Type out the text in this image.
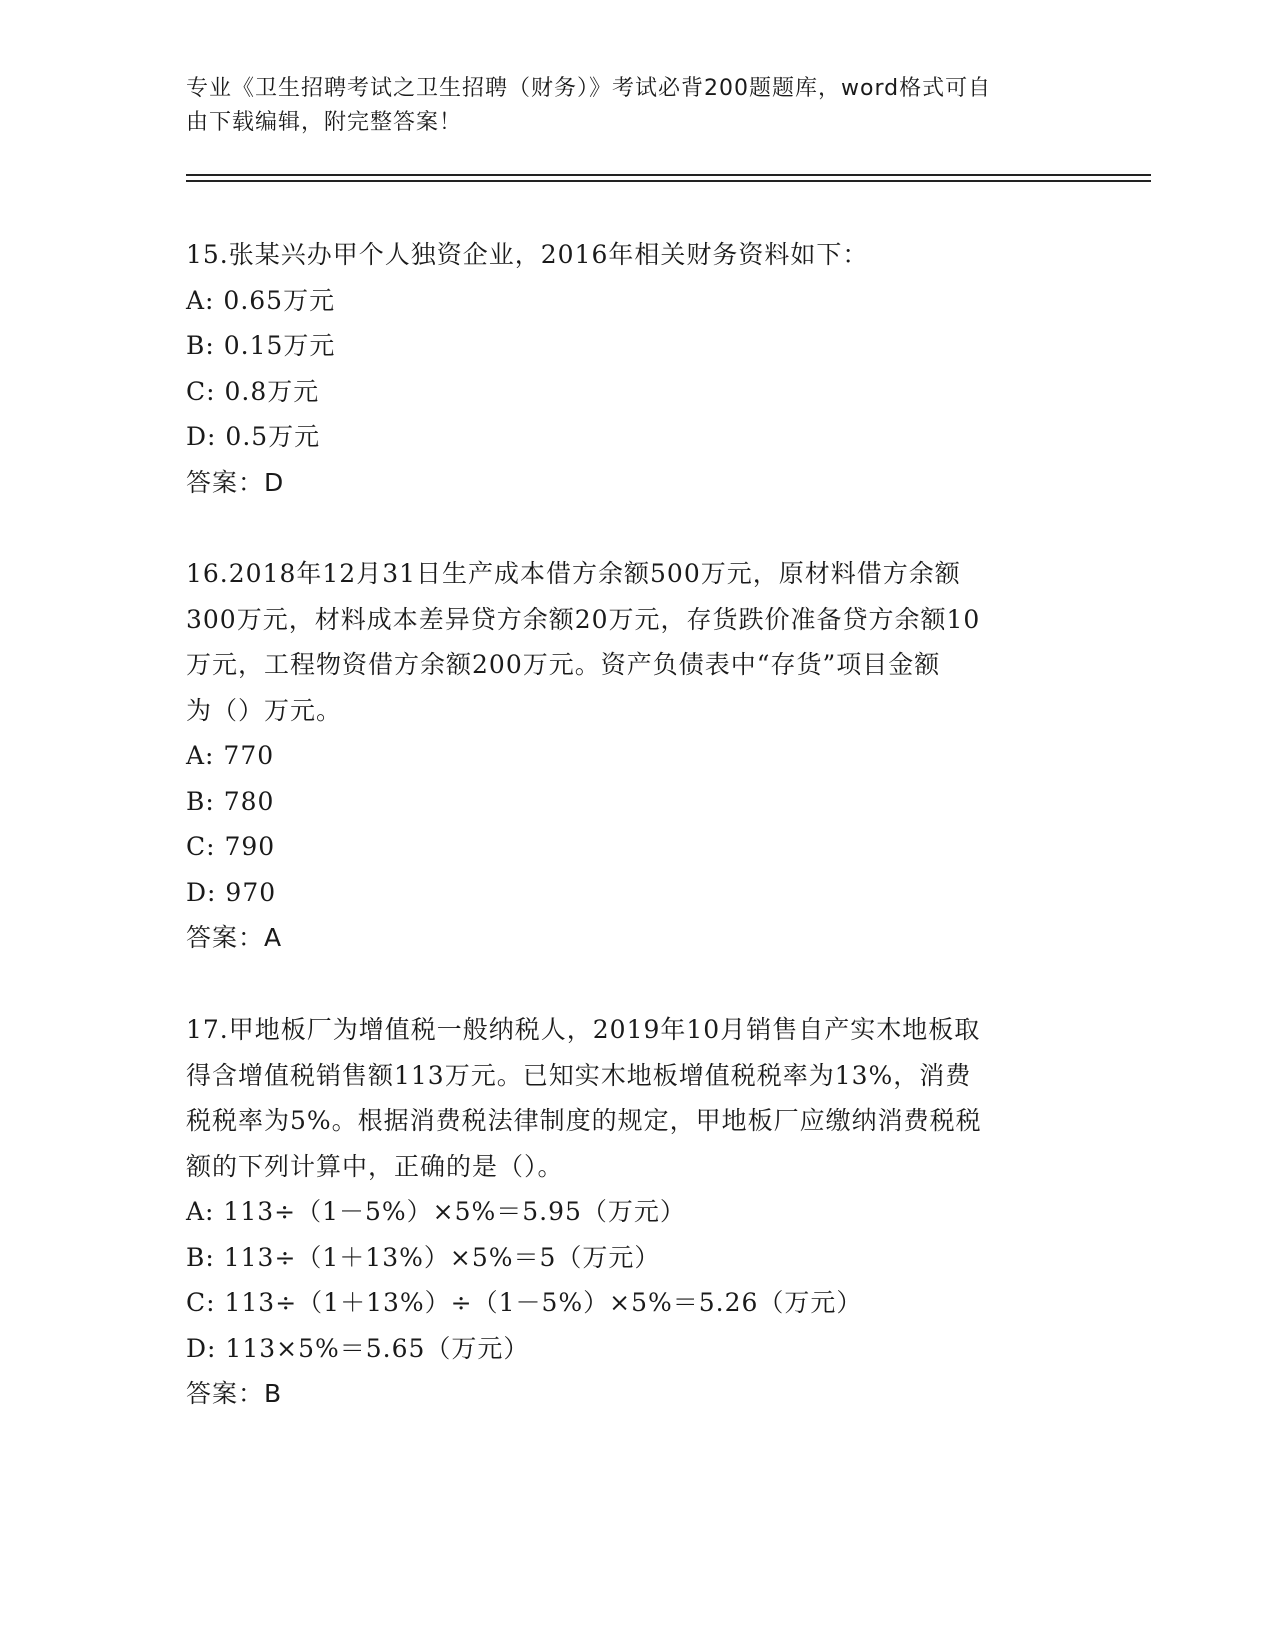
专业《卫生招聘考试之卫生招聘（财务）》考试必背200题题库，word格式可自
由下载编辑，附完整答案！
15.张某兴办甲个人独资企业，2016年相关财务资料如下：
A: 0.65万元
B: 0.15万元
C: 0.8万元
D: 0.5万元
答案：D
16.2018年12月31日生产成本借方余额500万元，原材料借方余额
300万元，材料成本差异贷方余额20万元，存货跌价准备贷方余额10
万元，工程物资借方余额200万元。资产负债表中“存货”项目金额
为（）万元。
A: 770
B: 780
C: 790
D: 970
答案：A
17.甲地板厂为增值税一般纳税人，2019年10月销售自产实木地板取
得含增值税销售额113万元。已知实木地板增值税税率为13%，消费
税税率为5%。根据消费税法律制度的规定，甲地板厂应缴纳消费税税
额的下列计算中，正确的是（）。
A: 113÷（1－5%）×5%＝5.95（万元）
B: 113÷（1＋13%）×5%＝5（万元）
C: 113÷（1＋13%）÷（1－5%）×5%＝5.26（万元）
D: 113×5%＝5.65（万元）
答案：B
